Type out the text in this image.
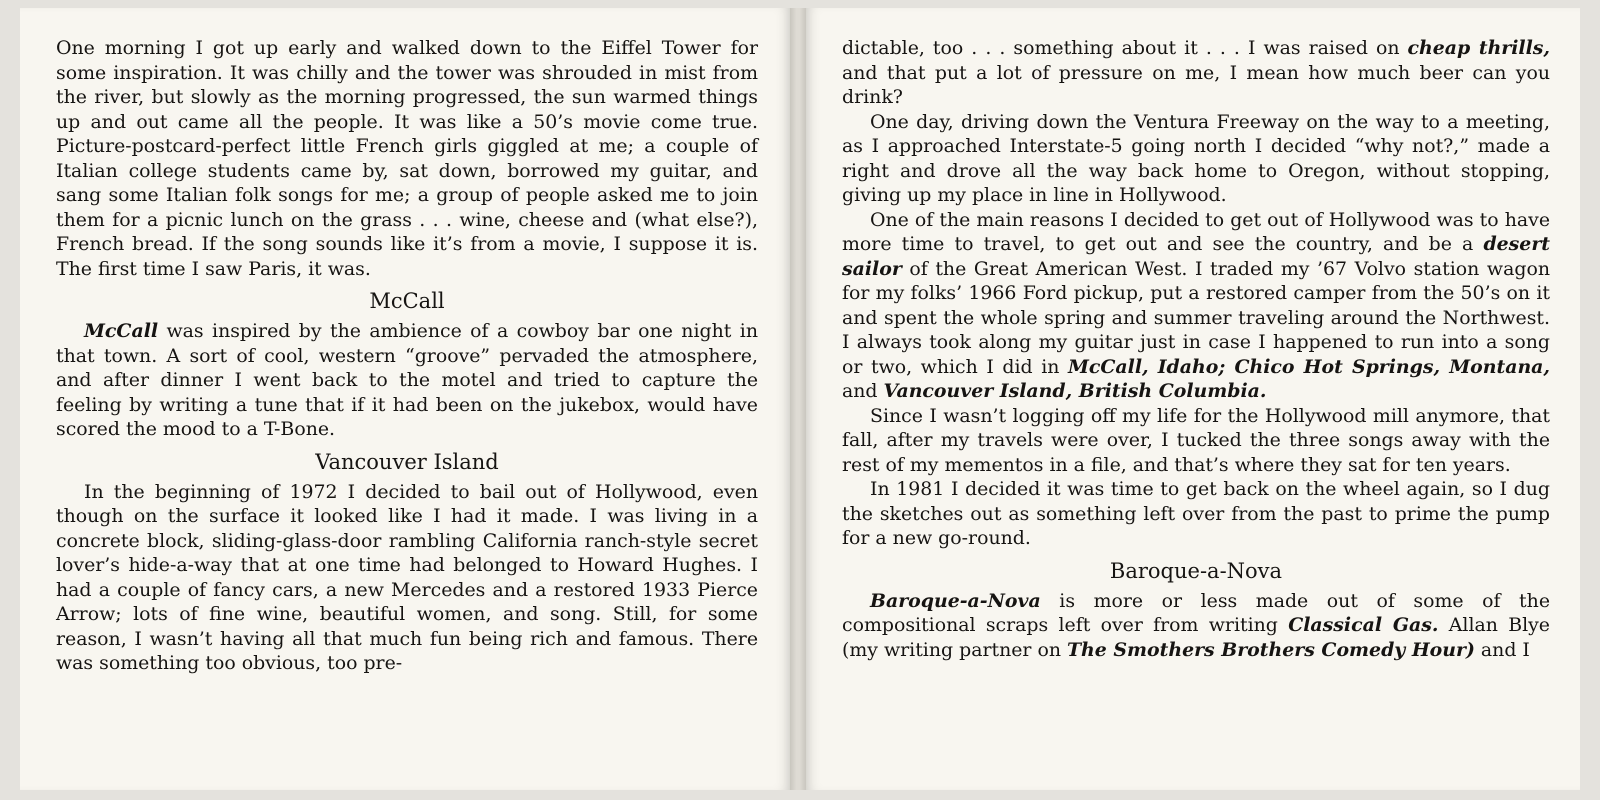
One morning I got up early and walked down to the Eiffel Tower for some inspiration. It was chilly and the tower was shrouded in mist from the river, but slowly as the morning progressed, the sun warmed things up and out came all the people. It was like a 50’s movie come true. Picture-postcard-perfect little French girls giggled at me; a couple of Italian college students came by, sat down, borrowed my guitar, and sang some Italian folk songs for me; a group of people asked me to join them for a picnic lunch on the grass . . . wine, cheese and (what else?), French bread. If the song sounds like it’s from a movie, I suppose it is. The first time I saw Paris, it was.

McCall

McCall was inspired by the ambience of a cowboy bar one night in that town. A sort of cool, western “groove” pervaded the atmosphere, and after dinner I went back to the motel and tried to capture the feeling by writing a tune that if it had been on the jukebox, would have scored the mood to a T-Bone.

Vancouver Island

In the beginning of 1972 I decided to bail out of Hollywood, even though on the surface it looked like I had it made. I was living in a concrete block, sliding-glass-door rambling California ranch-style secret lover’s hide-a-way that at one time had belonged to Howard Hughes. I had a couple of fancy cars, a new Mercedes and a restored 1933 Pierce Arrow; lots of fine wine, beautiful women, and song. Still, for some reason, I wasn’t having all that much fun being rich and famous. There was something too obvious, too pre-

dictable, too . . . something about it . . . I was raised on cheap thrills, and that put a lot of pressure on me, I mean how much beer can you drink?

One day, driving down the Ventura Freeway on the way to a meeting, as I approached Interstate-5 going north I decided “why not?,” made a right and drove all the way back home to Oregon, without stopping, giving up my place in line in Hollywood.

One of the main reasons I decided to get out of Hollywood was to have more time to travel, to get out and see the country, and be a desert sailor of the Great American West. I traded my ’67 Volvo station wagon for my folks’ 1966 Ford pickup, put a restored camper from the 50’s on it and spent the whole spring and summer traveling around the Northwest. I always took along my guitar just in case I happened to run into a song or two, which I did in McCall, Idaho; Chico Hot Springs, Montana, and Vancouver Island, British Columbia.

Since I wasn’t logging off my life for the Hollywood mill anymore, that fall, after my travels were over, I tucked the three songs away with the rest of my mementos in a file, and that’s where they sat for ten years.

In 1981 I decided it was time to get back on the wheel again, so I dug the sketches out as something left over from the past to prime the pump for a new go-round.

Baroque-a-Nova

Baroque-a-Nova is more or less made out of some of the compositional scraps left over from writing Classical Gas. Allan Blye (my writing partner on The Smothers Brothers Comedy Hour) and I
